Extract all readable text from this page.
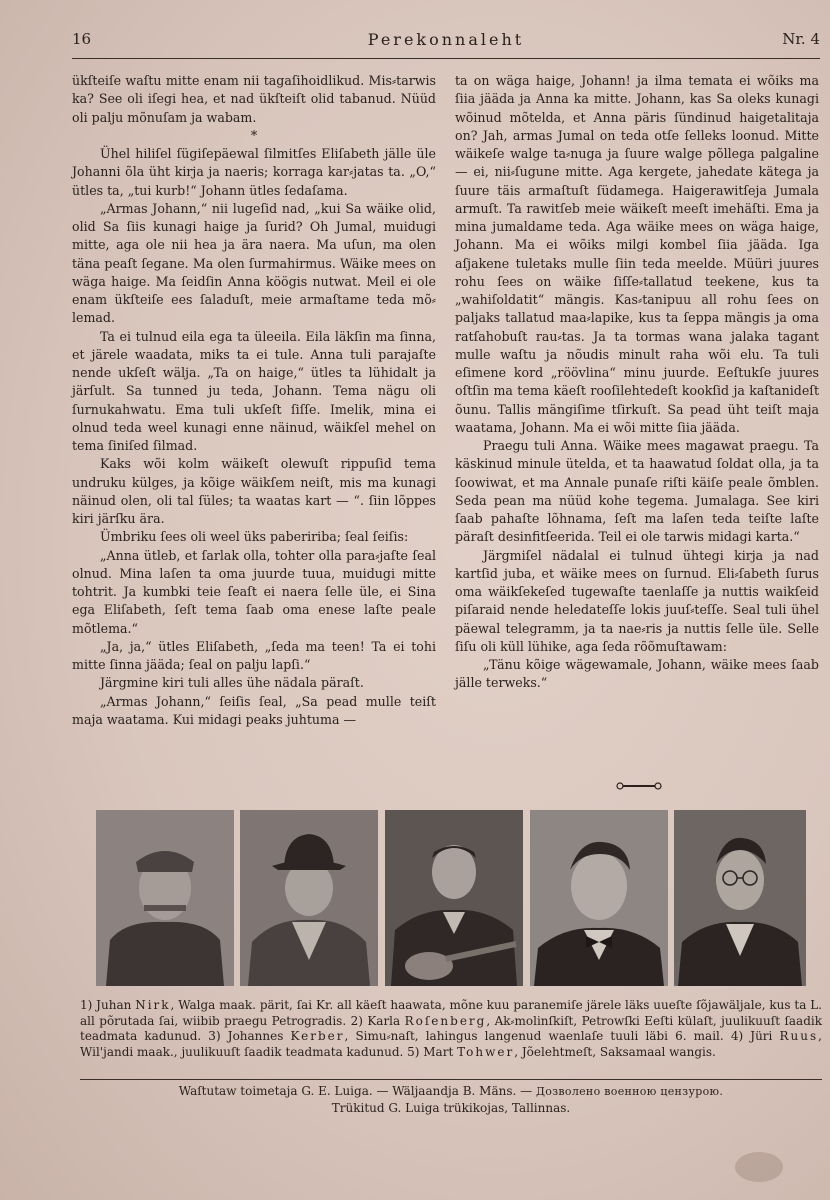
16	Perekonnaleht	Nr. 4

ükſteiſe waſtu mitte enam nii tagaſihoidlikud. Mis⸗tarwis ka? See oli iſegi hea, et nad ükſteiſt olid tabanud. Nüüd oli palju mõnuſam ja wabam.

*

Ühel hiliſel ſügiſepäewal ſilmitſes Eliſabeth jälle üle Johanni õla üht kirja ja naeris; korraga kar⸗jatas ta. „O,“ ütles ta, „tui kurb!“ Johann ütles ſedaſama.

„Armas Johann,“ nii lugeſid nad, „kui Sa wäike olid, olid Sa ſiis kunagi haige ja ſurid? Oh Jumal, muidugi mitte, aga ole nii hea ja ära naera. Ma uſun, ma olen täna peaſt ſegane. Ma olen ſurmahirmus. Wäike mees on wäga haige. Ma ſeidſin Anna köögis nutwat. Meil ei ole enam ükſteiſe ees ſaladuſt, meie armaſtame teda mõ⸗lemad.

Ta ei tulnud eila ega ta üleeila. Eila läkſin ma ſinna, et järele waadata, miks ta ei tule. Anna tuli parajaſte nende ukſeſt wälja. „Ta on haige,“ ütles ta lühidalt ja järſult. Sa tunned ju teda, Johann. Tema nägu oli ſurnukahwatu. Ema tuli ukſeſt ſiſſe. Imelik, mina ei olnud teda weel kunagi enne näinud, wäikſel mehel on tema ſiniſed ſilmad.

Kaks wõi kolm wäikeſt olewuſt rippuſid tema undruku külges, ja kõige wäikſem neiſt, mis ma kunagi näinud olen, oli tal ſüles; ta waatas kart — “. ſiin lõppes kiri järſku ära.

Ümbriku ſees oli weel üks pabeririba; ſeal ſeiſis:

„Anna ütleb, et ſarlak olla, tohter olla para⸗jaſte ſeal olnud. Mina laſen ta oma juurde tuua, muidugi mitte tohtrit. Ja kumbki teie ſeaſt ei naera ſelle üle, ei Sina ega Eliſabeth, ſeſt tema ſaab oma enese laſte peale mõtlema.“

„Ja, ja,“ ütles Eliſabeth, „ſeda ma teen! Ta ei tohi mitte ſinna jääda; ſeal on palju lapſi.“

Järgmine kiri tuli alles ühe nädala päraſt.

„Armas Johann,“ ſeiſis ſeal, „Sa pead mulle teiſt maja waatama. Kui midagi peaks juhtuma —

ta on wäga haige, Johann! ja ilma temata ei wõiks ma ſiia jääda ja Anna ka mitte. Johann, kas Sa oleks kunagi wõinud mõtelda, et Anna päris ſündinud haigetalitaja on? Jah, armas Jumal on teda otſe ſelleks loonud. Mitte wäikeſe walge ta⸗nuga ja ſuure walge põllega palgaline — ei, nii⸗ſugune mitte. Aga kergete, jahedate kätega ja ſuure täis armaſtuſt ſüdamega. Haigerawitſeja Jumala armuſt. Ta rawitſeb meie wäikeſt meeſt imehäſti. Ema ja mina jumaldame teda. Aga wäike mees on wäga haige, Johann. Ma ei wõiks milgi kombel ſiia jääda. Iga aſjakene tuletaks mulle ſiin teda meelde. Müüri juures rohu ſees on wäike ſiſſe⸗tallatud teekene, kus ta „wahiſoldatit“ mängis. Kas⸗tanipuu all rohu ſees on paljaks tallatud maa⸗lapike, kus ta ſeppa mängis ja oma ratſahobuſt rau⸗tas. Ja ta tormas wana jalaka tagant mulle waſtu ja nõudis minult raha wõi elu. Ta tuli eſimene kord „röövlina“ minu juurde. Eeſtukſe juures oſtſin ma tema käeſt rooſilehtedeſt kookſid ja kaſtanideſt õunu. Tallis mängiſime tſirkuſt. Sa pead üht teiſt maja waatama, Johann. Ma ei wõi mitte ſiia jääda.

Praegu tuli Anna. Wäike mees magawat praegu. Ta käskinud minule ütelda, et ta haawatud ſoldat olla, ja ta ſoowiwat, et ma Annale punaſe riſti käiſe peale õmblen. Seda pean ma nüüd kohe tegema. Jumalaga. See kiri ſaab pahaſte lõhnama, ſeſt ma laſen teda teiſte laſte päraſt desinfitſeerida. Teil ei ole tarwis midagi karta.“

Järgmiſel nädalal ei tulnud ühtegi kirja ja nad kartſid juba, et wäike mees on ſurnud. Eli⸗ſabeth ſurus oma wäikſekeſed tugewaſte taenlaſſe ja nuttis waikſeid piſaraid nende heledateſſe lokis juuſ⸗teſſe. Seal tuli ühel päewal telegramm, ja ta nae⸗ris ja nuttis ſelle üle. Selle ſiſu oli küll lühike, aga ſeda rõõmuſtawam:

„Tänu kõige wägewamale, Johann, wäike mees ſaab jälle terweks.“

1) Juhan Nirk, Walga maak. pärit, ſai Kr. all käeſt haawata, mõne kuu paranemiſe järele läks uueſte ſõjawäljale, kus ta L. all põrutada ſai, wiibib praegu Petrogradis. 2) Karla Roſenberg, Ak⸗molinſkiſt, Petrowſki Eeſti külaſt, juulikuuſt ſaadik teadmata kadunud. 3) Johannes Kerber, Simu⸗naſt, lahingus langenud waenlaſe tuuli läbi 6. mail. 4) Jüri Ruus, Wil'jandi maak., juulikuuſt ſaadik teadmata kadunud. 5) Mart Tohwer, Jõelehtmeſt, Saksamaal wangis.
Waſtutaw toimetaja G. E. Luiga. — Wäljaandja B. Mäns. — Дозволено военною цензурою.
Trükitud G. Luiga trükikojas, Tallinnas.
